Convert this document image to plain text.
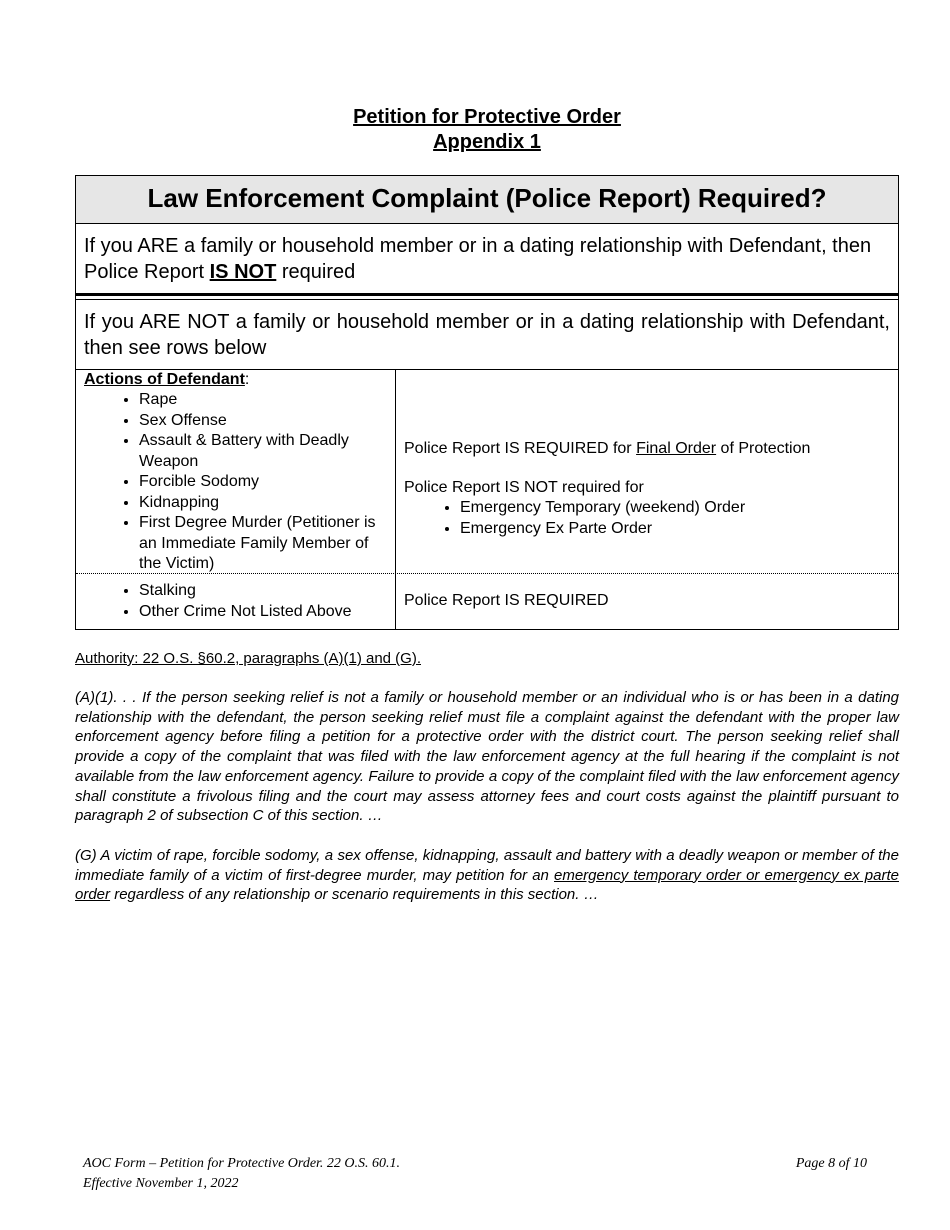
Petition for Protective Order
Appendix 1
Law Enforcement Complaint (Police Report) Required?
If you ARE a family or household member or in a dating relationship with Defendant, then Police Report IS NOT required
If you ARE NOT a family or household member or in a dating relationship with Defendant, then see rows below
Actions of Defendant:
• Rape
• Sex Offense
• Assault & Battery with Deadly Weapon
• Forcible Sodomy
• Kidnapping
• First Degree Murder (Petitioner is an Immediate Family Member of the Victim)

Police Report IS REQUIRED for Final Order of Protection

Police Report IS NOT required for

• Emergency Temporary (weekend) Order
• Emergency Ex Parte Order
• Stalking
• Other Crime Not Listed Above

Police Report IS REQUIRED

Authority: 22 O.S. §60.2, paragraphs (A)(1) and (G).
(A)(1). . . If the person seeking relief is not a family or household member or an individual who is or has been in a dating relationship with the defendant, the person seeking relief must file a complaint against the defendant with the proper law enforcement agency before filing a petition for a protective order with the district court. The person seeking relief shall provide a copy of the complaint that was filed with the law enforcement agency at the full hearing if the complaint is not available from the law enforcement agency. Failure to provide a copy of the complaint filed with the law enforcement agency shall constitute a frivolous filing and the court may assess attorney fees and court costs against the plaintiff pursuant to paragraph 2 of subsection C of this section. …
(G) A victim of rape, forcible sodomy, a sex offense, kidnapping, assault and battery with a deadly weapon or member of the immediate family of a victim of first-degree murder, may petition for an emergency temporary order or emergency ex parte order regardless of any relationship or scenario requirements in this section. …
AOC Form – Petition for Protective Order. 22 O.S. 60.1.
Effective November 1, 2022
Page 8 of 10
